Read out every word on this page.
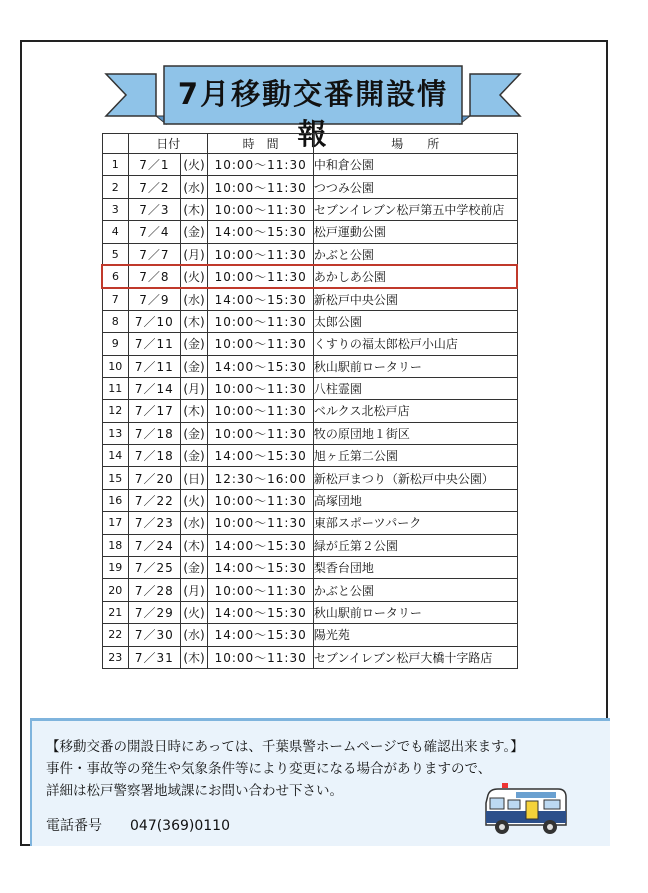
7月移動交番開設情報
	日付		時　間	場　　所
1	7／1	(火)	10:00～11:30	中和倉公園
2	7／2	(水)	10:00～11:30	つつみ公園
3	7／3	(木)	10:00～11:30	セブンイレブン松戸第五中学校前店
4	7／4	(金)	14:00～15:30	松戸運動公園
5	7／7	(月)	10:00～11:30	かぶと公園
6	7／8	(火)	10:00～11:30	あかしあ公園
7	7／9	(水)	14:00～15:30	新松戸中央公園
8	7／10	(木)	10:00～11:30	太郎公園
9	7／11	(金)	10:00～11:30	くすりの福太郎松戸小山店
10	7／11	(金)	14:00～15:30	秋山駅前ロータリー
11	7／14	(月)	10:00～11:30	八柱霊園
12	7／17	(木)	10:00～11:30	ベルクス北松戸店
13	7／18	(金)	10:00～11:30	牧の原団地１街区
14	7／18	(金)	14:00～15:30	旭ヶ丘第二公園
15	7／20	(日)	12:30～16:00	新松戸まつり（新松戸中央公園）
16	7／22	(火)	10:00～11:30	高塚団地
17	7／23	(水)	10:00～11:30	東部スポーツパーク
18	7／24	(木)	14:00～15:30	緑が丘第２公園
19	7／25	(金)	14:00～15:30	梨香台団地
20	7／28	(月)	10:00～11:30	かぶと公園
21	7／29	(火)	14:00～15:30	秋山駅前ロータリー
22	7／30	(水)	14:00～15:30	陽光苑
23	7／31	(木)	10:00～11:30	セブンイレブン松戸大橋十字路店

【移動交番の開設日時にあっては、千葉県警ホームページでも確認出来ます。】

事件・事故等の発生や気象条件等により変更になる場合がありますので、

詳細は松戸警察署地域課にお問い合わせ下さい。

電話番号 047(369)0110
